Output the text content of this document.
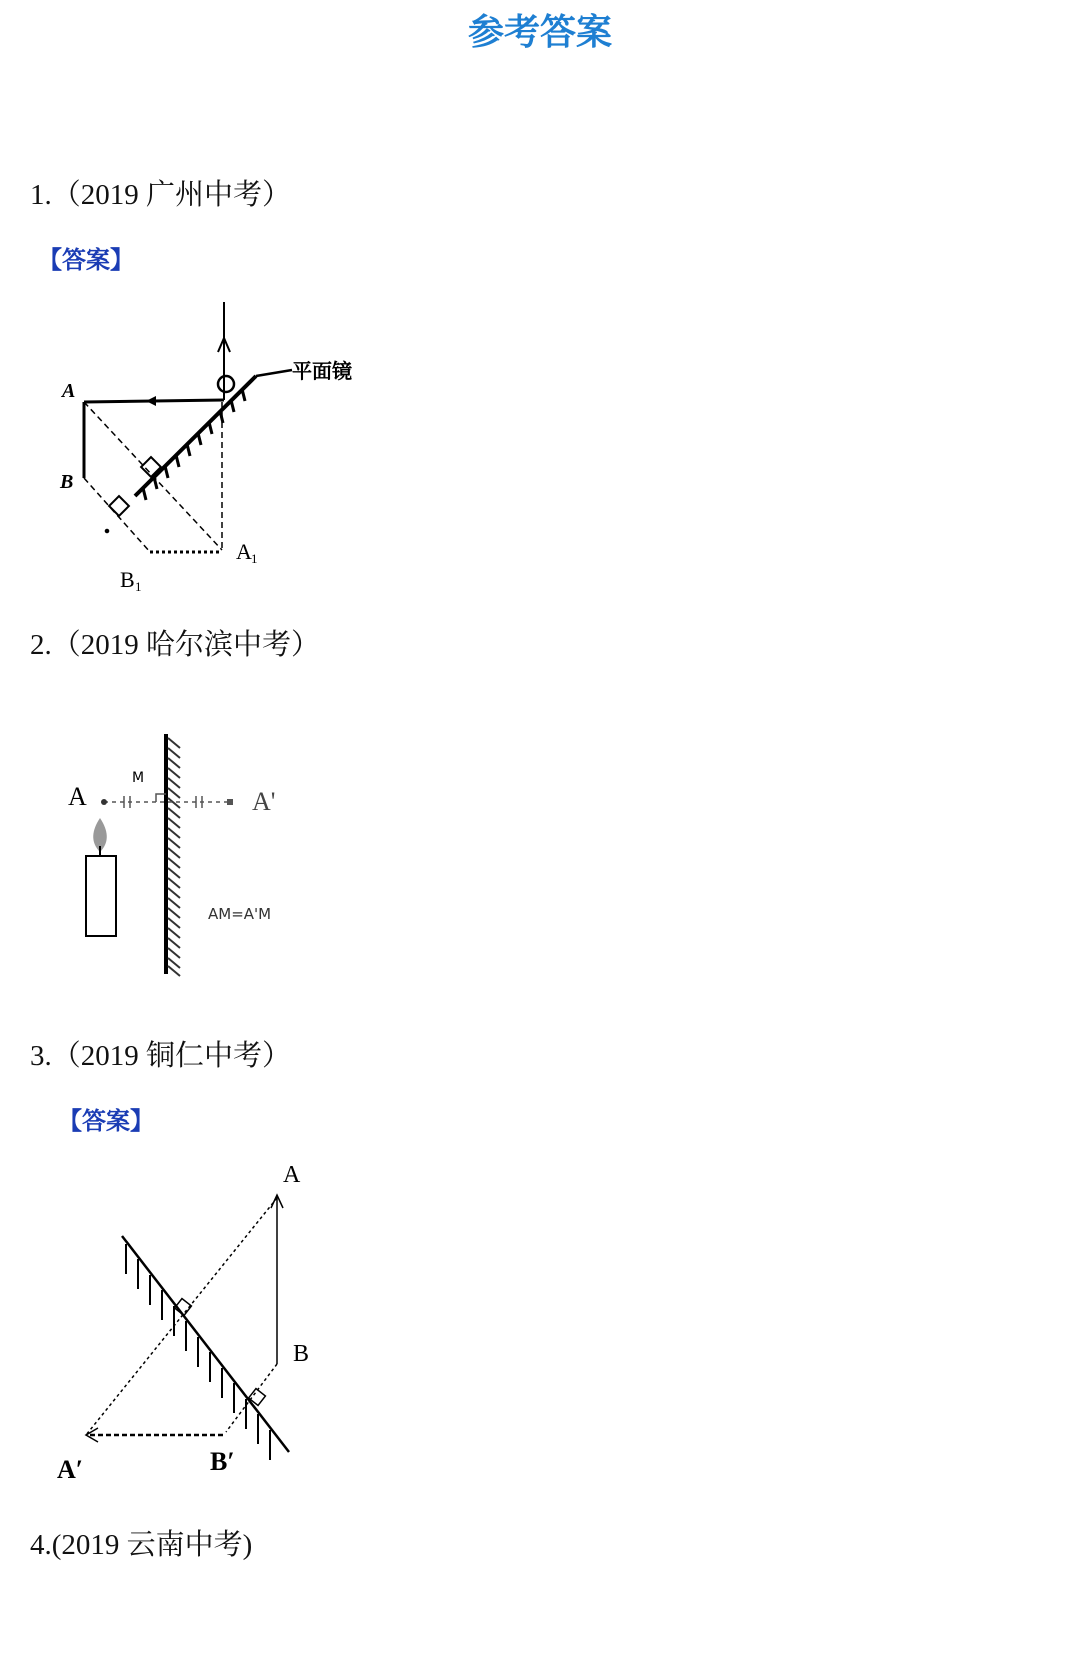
参考答案
1.（2019 广州中考）
【答案】
A
B
A 1
B 1
平面镜
2.（2019 哈尔滨中考）
A
M
A'
AM=A'M
3.（2019 铜仁中考）
【答案】
A
B
A′	B′
4.(2019 云南中考)
